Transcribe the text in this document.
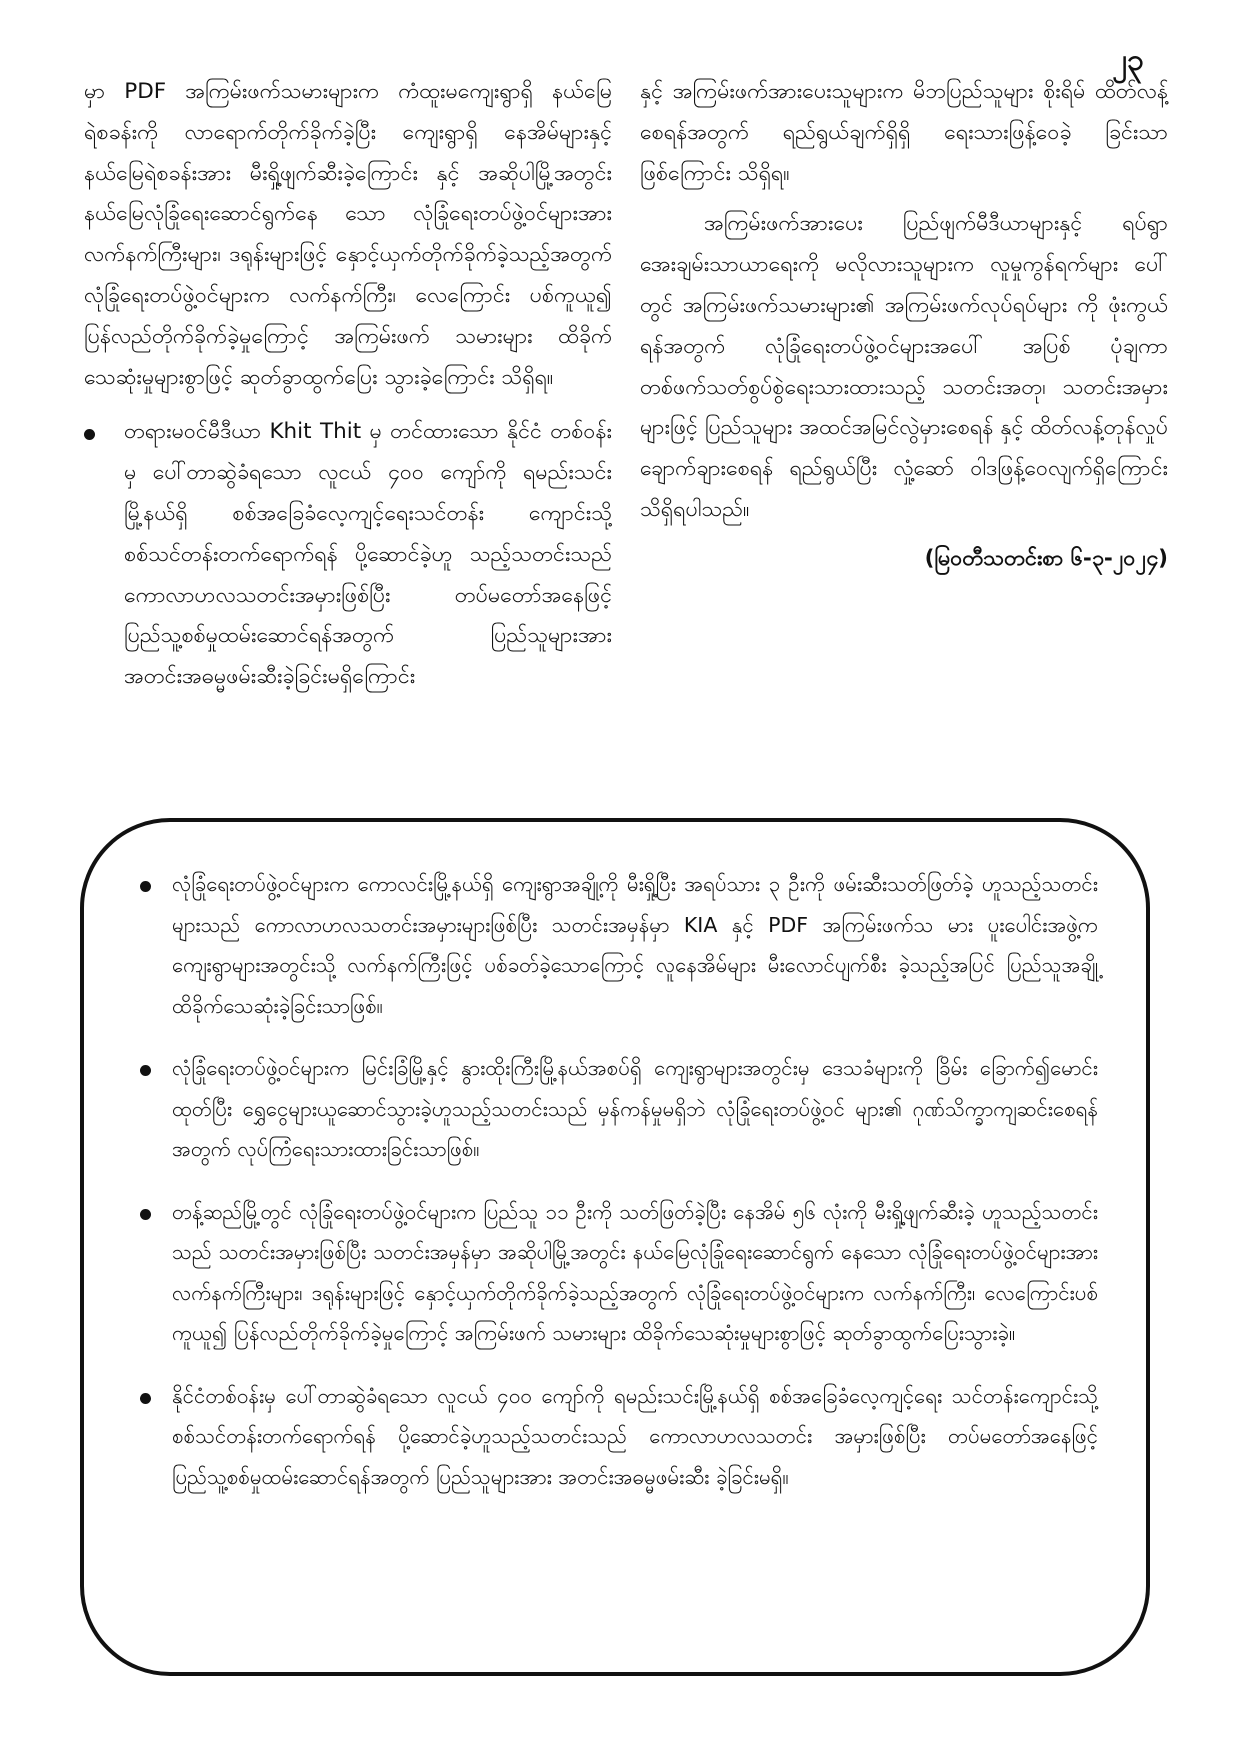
၂၃

မှာ PDF အကြမ်းဖက်သမားများက ကံထူးမကျေးရွာရှိ နယ်မြေရဲစခန်းကို လာရောက်တိုက်ခိုက်ခဲ့ပြီး ကျေးရွာရှိ နေအိမ်များနှင့် နယ်မြေရဲစခန်းအား မီးရှို့ဖျက်ဆီးခဲ့ကြောင်း နှင့် အဆိုပါမြို့အတွင်း နယ်မြေလုံခြုံရေးဆောင်ရွက်နေ သော လုံခြုံရေးတပ်ဖွဲ့ဝင်များအား လက်နက်ကြီးများ၊ ဒရုန်းများဖြင့် နှောင့်ယှက်တိုက်ခိုက်ခဲ့သည့်အတွက် လုံခြုံရေးတပ်ဖွဲ့ဝင်များက လက်နက်ကြီး၊ လေကြောင်း ပစ်ကူယူ၍ ပြန်လည်တိုက်ခိုက်ခဲ့မှုကြောင့် အကြမ်းဖက် သမားများ ထိခိုက်သေဆုံးမှုများစွာဖြင့် ဆုတ်ခွာထွက်ပြေး သွားခဲ့ကြောင်း သိရှိရ။

တရားမဝင်မီဒီယာ Khit Thit မှ တင်ထားသော နိုင်ငံ တစ်ဝန်းမှ ပေါ်တာဆွဲခံရသော လူငယ် ၄၀၀ ကျော်ကို ရမည်းသင်းမြို့နယ်ရှိ စစ်အခြေခံလေ့ကျင့်ရေးသင်တန်း ကျောင်းသို့ စစ်သင်တန်းတက်ရောက်ရန် ပို့ဆောင်ခဲ့ဟူ သည့်သတင်းသည် ကောလာဟလသတင်းအမှားဖြစ်ပြီး တပ်မတော်အနေဖြင့် ပြည်သူ့စစ်မှုထမ်းဆောင်ရန်အတွက် ပြည်သူများအား အတင်းအဓမ္မဖမ်းဆီးခဲ့ခြင်းမရှိကြောင်း

နှင့် အကြမ်းဖက်အားပေးသူများက မိဘပြည်သူများ စိုးရိမ် ထိတ်လန့်စေရန်အတွက် ရည်ရွယ်ချက်ရှိရှိ ရေးသားဖြန့်ဝေခဲ့ ခြင်းသာဖြစ်ကြောင်း သိရှိရ။

အကြမ်းဖက်အားပေး ပြည်ဖျက်မီဒီယာများနှင့် ရပ်ရွာ အေးချမ်းသာယာရေးကို မလိုလားသူများက လူမှုကွန်ရက်များ ပေါ်တွင် အကြမ်းဖက်သမားများ၏ အကြမ်းဖက်လုပ်ရပ်များ ကို ဖုံးကွယ်ရန်အတွက် လုံခြုံရေးတပ်ဖွဲ့ဝင်များအပေါ် အပြစ် ပုံချကာ တစ်ဖက်သတ်စွပ်စွဲရေးသားထားသည့် သတင်းအတု၊ သတင်းအမှားများဖြင့် ပြည်သူများ အထင်အမြင်လွဲမှားစေရန် နှင့် ထိတ်လန့်တုန်လှုပ်ချောက်ချားစေရန် ရည်ရွယ်ပြီး လှုံ့ဆော် ဝါဒဖြန့်ဝေလျက်ရှိကြောင်း သိရှိရပါသည်။

(မြဝတီသတင်းစာ ၆-၃-၂၀၂၄)

လုံခြုံရေးတပ်ဖွဲ့ဝင်များက ကောလင်းမြို့နယ်ရှိ ကျေးရွာအချို့ကို မီးရှို့ပြီး အရပ်သား ၃ ဦးကို ဖမ်းဆီးသတ်ဖြတ်ခဲ့ ဟူသည့်သတင်းများသည် ကောလာဟလသတင်းအမှားများဖြစ်ပြီး သတင်းအမှန်မှာ KIA နှင့် PDF အကြမ်းဖက်သ မား ပူးပေါင်းအဖွဲ့က ကျေးရွာများအတွင်းသို့ လက်နက်ကြီးဖြင့် ပစ်ခတ်ခဲ့သောကြောင့် လူနေအိမ်များ မီးလောင်ပျက်စီး ခဲ့သည့်အပြင် ပြည်သူအချို့ ထိခိုက်သေဆုံးခဲ့ခြင်းသာဖြစ်။

လုံခြုံရေးတပ်ဖွဲ့ဝင်များက မြင်းခြံမြို့နှင့် နွားထိုးကြီးမြို့နယ်အစပ်ရှိ ကျေးရွာများအတွင်းမှ ဒေသခံများကို ခြိမ်း ခြောက်၍မောင်းထုတ်ပြီး ရွှေငွေများယူဆောင်သွားခဲ့ဟူသည့်သတင်းသည် မှန်ကန်မှုမရှိဘဲ လုံခြုံရေးတပ်ဖွဲ့ဝင် များ၏ ဂုဏ်သိက္ခာကျဆင်းစေရန်အတွက် လုပ်ကြံရေးသားထားခြင်းသာဖြစ်။

တန့်ဆည်မြို့တွင် လုံခြုံရေးတပ်ဖွဲ့ဝင်များက ပြည်သူ ၁၁ ဦးကို သတ်ဖြတ်ခဲ့ပြီး နေအိမ် ၅၆ လုံးကို မီးရှို့ဖျက်ဆီးခဲ့ ဟူသည့်သတင်းသည် သတင်းအမှားဖြစ်ပြီး သတင်းအမှန်မှာ အဆိုပါမြို့အတွင်း နယ်မြေလုံခြုံရေးဆောင်ရွက် နေသော လုံခြုံရေးတပ်ဖွဲ့ဝင်များအား လက်နက်ကြီးများ၊ ဒရုန်းများဖြင့် နှောင့်ယှက်တိုက်ခိုက်ခဲ့သည့်အတွက် လုံခြုံရေးတပ်ဖွဲ့ဝင်များက လက်နက်ကြီး၊ လေကြောင်းပစ်ကူယူ၍ ပြန်လည်တိုက်ခိုက်ခဲ့မှုကြောင့် အကြမ်းဖက် သမားများ ထိခိုက်သေဆုံးမှုများစွာဖြင့် ဆုတ်ခွာထွက်ပြေးသွားခဲ့။

နိုင်ငံတစ်ဝန်းမှ ပေါ်တာဆွဲခံရသော လူငယ် ၄၀၀ ကျော်ကို ရမည်းသင်းမြို့နယ်ရှိ စစ်အခြေခံလေ့ကျင့်ရေး သင်တန်းကျောင်းသို့ စစ်သင်တန်းတက်ရောက်ရန် ပို့ဆောင်ခဲ့ဟူသည့်သတင်းသည် ကောလာဟလသတင်း အမှားဖြစ်ပြီး တပ်မတော်အနေဖြင့် ပြည်သူ့စစ်မှုထမ်းဆောင်ရန်အတွက် ပြည်သူများအား အတင်းအဓမ္မဖမ်းဆီး ခဲ့ခြင်းမရှိ။
